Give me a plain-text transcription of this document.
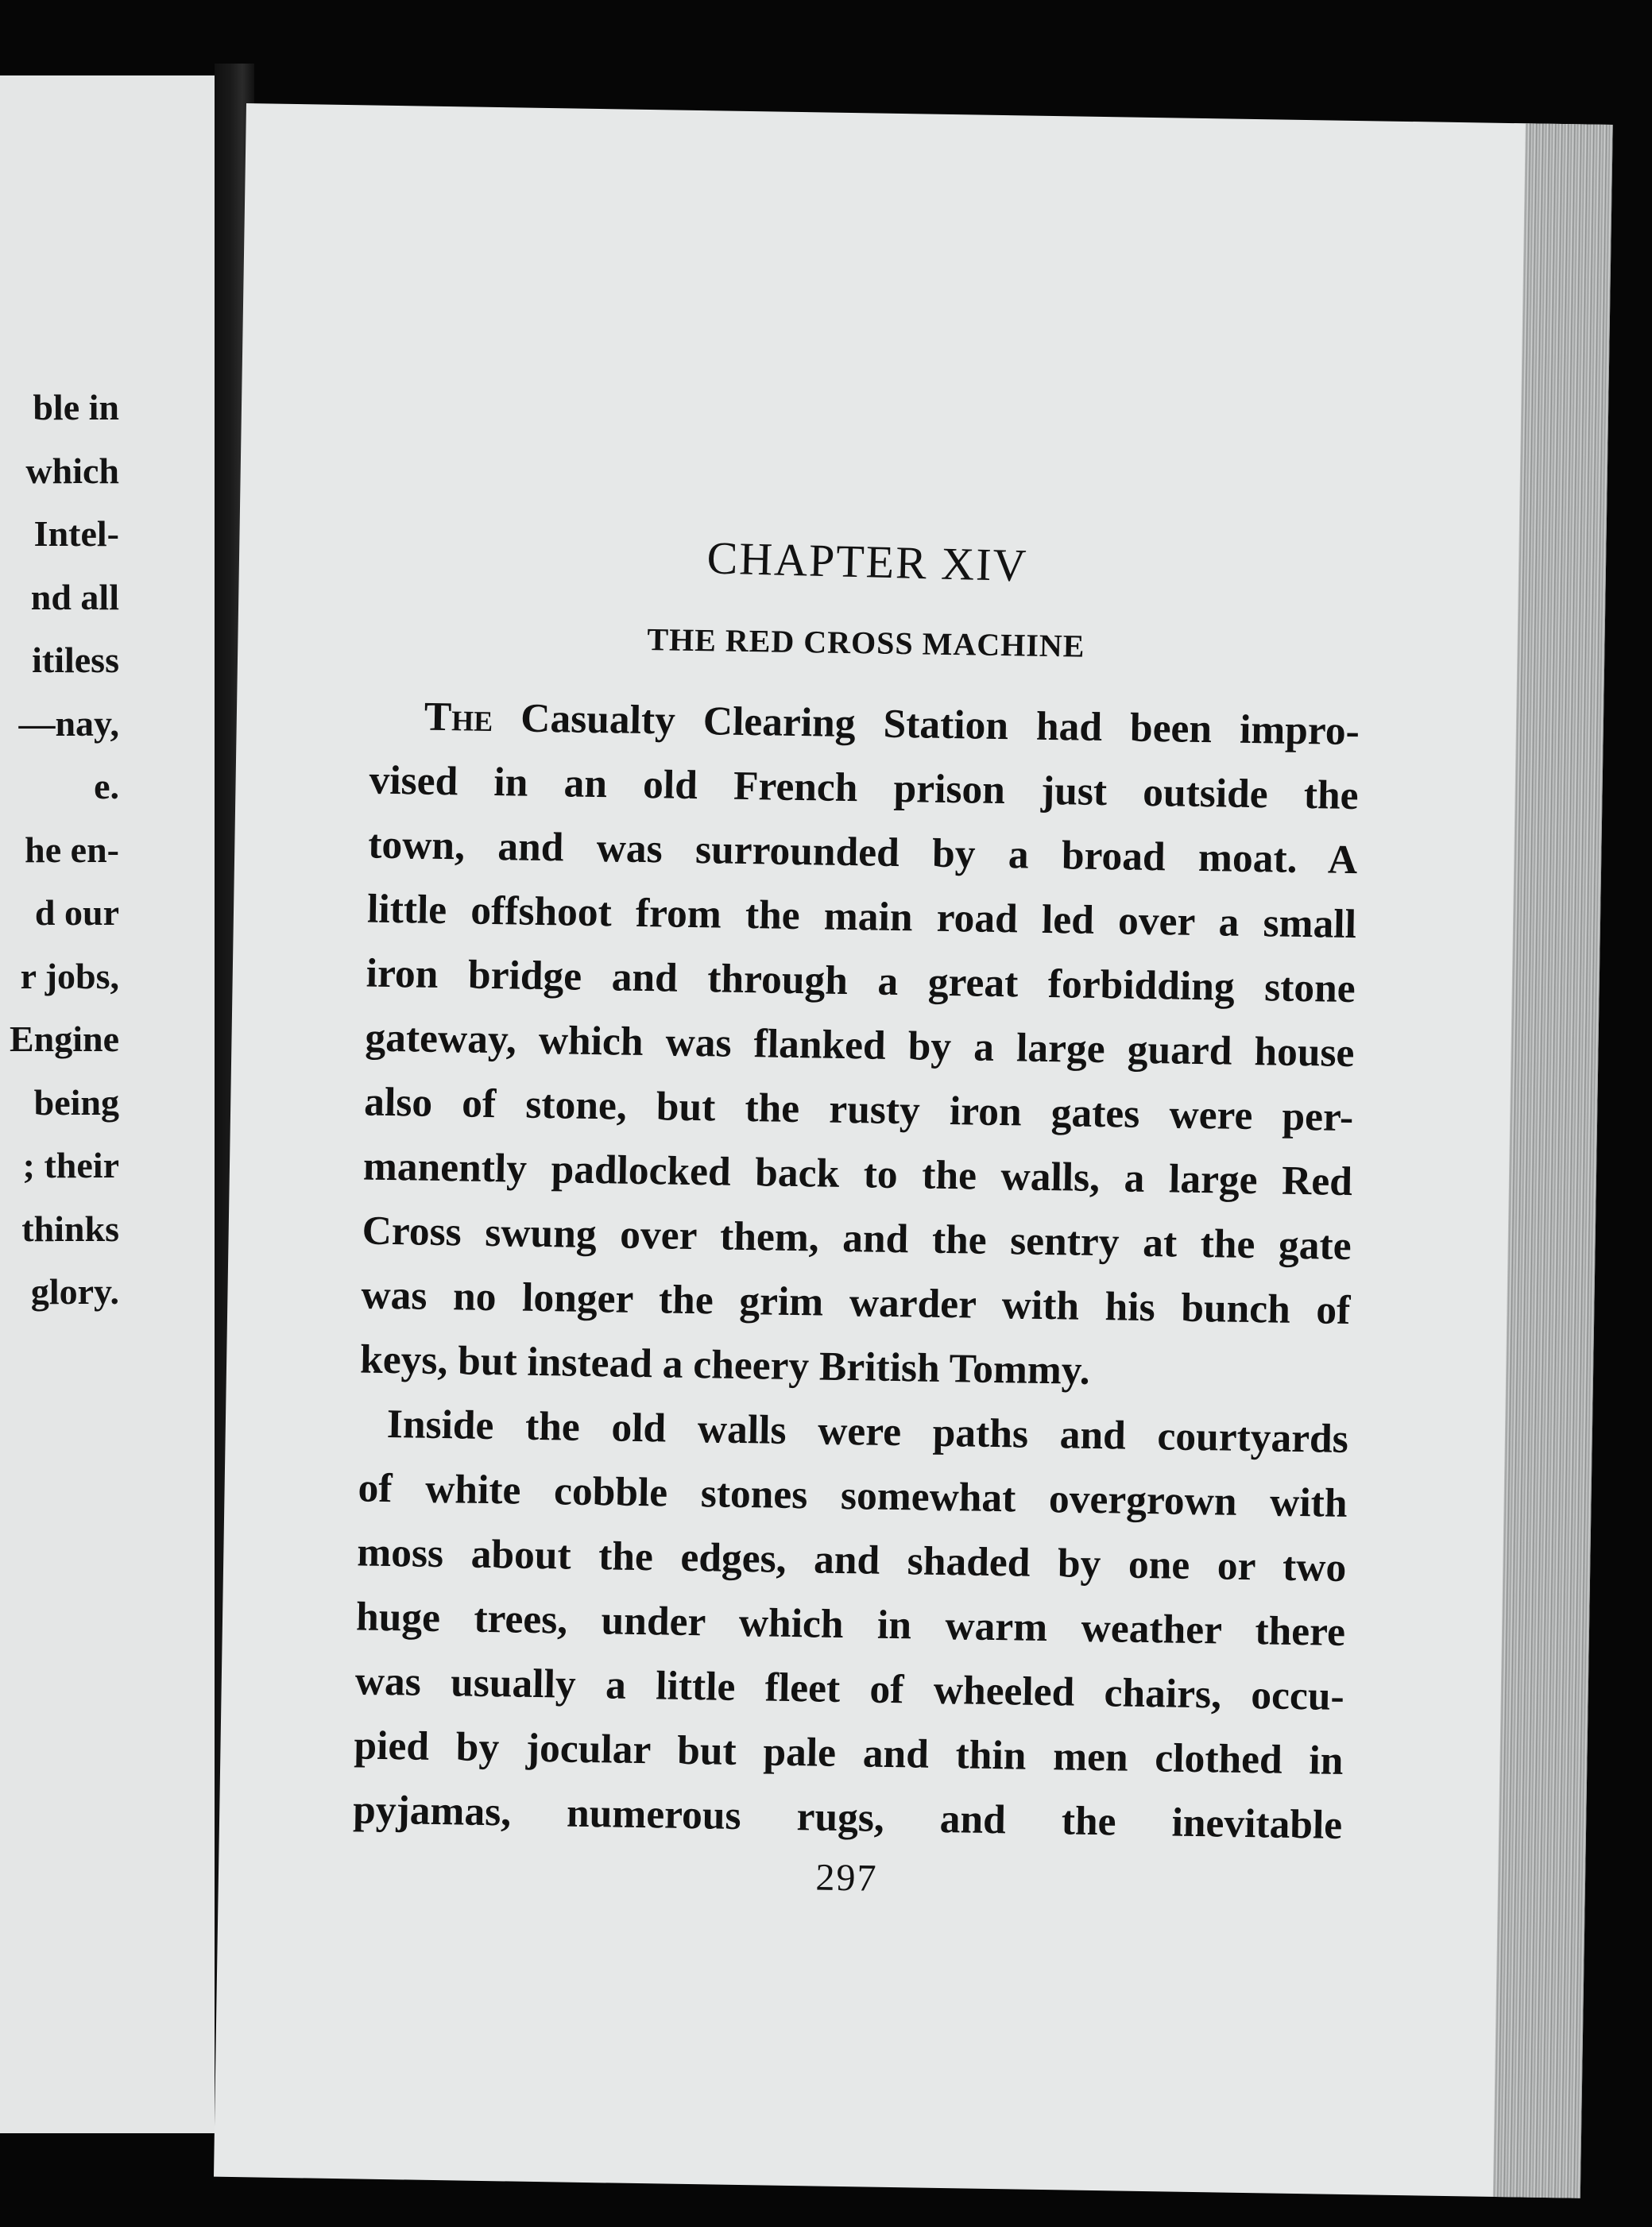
ble in
which
Intel-
nd all
itiless
—nay,
e.
he en-
d our
r jobs,
Engine
being
; their
thinks
glory.
CHAPTER XIV
THE RED CROSS MACHINE
The Casualty Clearing Station had been impro-
vised in an old French prison just outside the
town, and was surrounded by a broad moat. A
little offshoot from the main road led over a small
iron bridge and through a great forbidding stone
gateway, which was flanked by a large guard house
also of stone, but the rusty iron gates were per-
manently padlocked back to the walls, a large Red
Cross swung over them, and the sentry at the gate
was no longer the grim warder with his bunch of
keys, but instead a cheery British Tommy.
Inside the old walls were paths and courtyards
of white cobble stones somewhat overgrown with
moss about the edges, and shaded by one or two
huge trees, under which in warm weather there
was usually a little fleet of wheeled chairs, occu-
pied by jocular but pale and thin men clothed in
pyjamas, numerous rugs, and the inevitable
297
